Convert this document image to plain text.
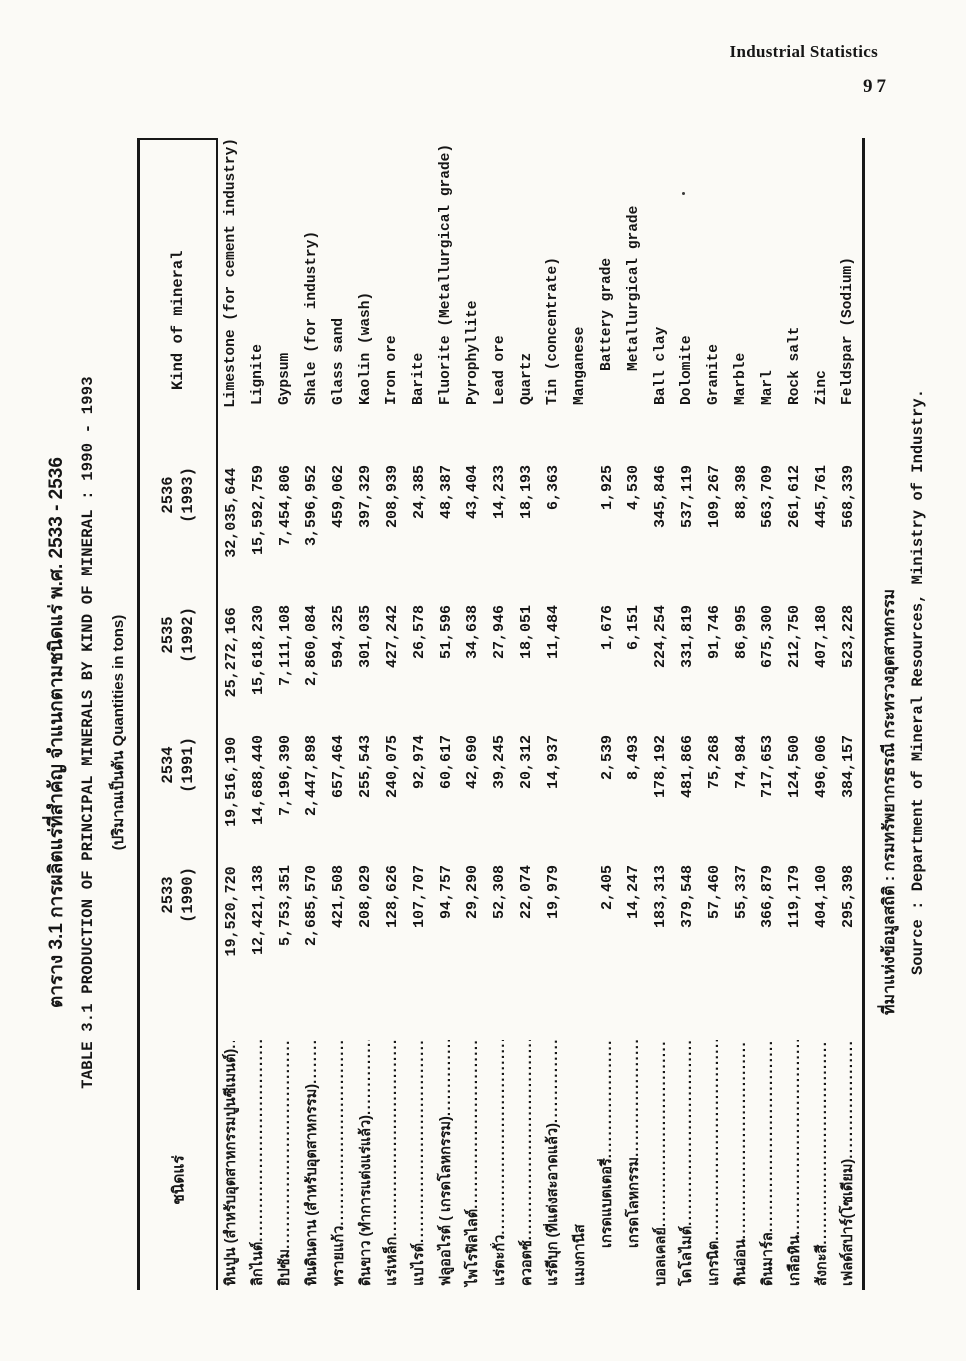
Industrial Statistics
97
ตาราง 3.1 การผลิตแร่ที่สำคัญ จำแนกตามชนิดแร่ พ.ศ. 2533 - 2536 TABLE 3.1 PRODUCTION OF PRINCIPAL MINERALS BY KIND OF MINERAL : 1990 - 1993 (ปริมาณเป็นตัน Quantities in tons)
ชนิดแร่
2533 (1990)
2534 (1991)
2535 (1992)
2536 (1993)
Kind of mineral
หินปูน (สำหรับอุตสาหกรรมปูนซีเมนต์)
.....
19,520,720
19,516,190
25,272,166
32,035,644
Limestone (for cement industry)
ลิกไนต์
.....
12,421,138
14,688,440
15,618,230
15,592,759
Lignite
ยิปซัม
.....
5,753,351
7,196,390
7,111,108
7,454,806
Gypsum
หินดินดาน (สำหรับอุตสาหกรรม)
.....
2,685,570
2,447,898
2,860,084
3,596,952
Shale (for industry)
ทรายแก้ว
.....
421,508
657,464
594,325
459,062
Glass sand
ดินขาว (ทำการแต่งแร่แล้ว)
.....
208,029
255,543
301,035
397,329
Kaolin (wash)
แร่เหล็ก
.....
128,626
240,075
427,242
208,939
Iron ore
แบไรต์
.....
107,707
92,974
26,578
24,385
Barite
ฟลูออไรต์ ( เกรดโลหกรรม)
.....
94,757
60,617
51,596
48,387
Fluorite (Metallurgical grade)
ไพโรฟิลไลต์
.....
29,290
42,690
34,638
43,404
Pyrophyllite
แร่ตะกั่ว
.....
52,308
39,245
27,946
14,233
Lead ore
ควอตซ์
.....
22,074
20,312
18,051
18,193
Quartz
แร่ดีบุก (ที่แต่งสะอาดแล้ว)
.....
19,979
14,937
11,484
6,363
Tin (concentrate)
แมงกานีส
Manganese
เกรดแบตเตอรี่
.....
2,405
2,539
1,676
1,925
Battery grade
เกรดโลหกรรม
.....
14,247
8,493
6,151
4,530
Metallurgical grade
บอลเคลย์
.....
183,313
178,192
224,254
345,846
Ball clay
โดโลไมต์
.....
379,548
481,866
331,819
537,119
Dolomite
แกรนิต
.....
57,460
75,268
91,746
109,267
Granite
หินอ่อน
.....
55,337
74,984
86,995
88,398
Marble
ดินมาร์ล
.....
366,879
717,653
675,300
563,709
Marl
เกลือหิน
.....
119,179
124,500
212,750
261,612
Rock salt
สังกะสี
.....
404,100
496,006
407,180
445,761
Zinc
เฟลด์สปาร์(โซเดียม)
.....
295,398
384,157
523,228
568,339
Feldspar (Sodium)
ที่มาแห่งข้อมูลสถิติ : กรมทรัพยากรธรณี กระทรวงอุตสาหกรรม Source : Department of Mineral Resources, Ministry of Industry.
